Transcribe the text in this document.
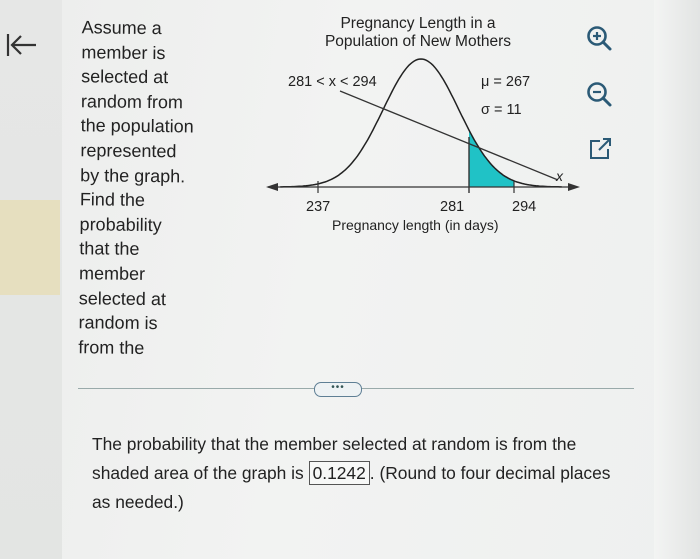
Assume a
member is
selected at
random from
the population
represented
by the graph.
Find the
probability
that the
member
selected at
random is
from the
Pregnancy Length in a
Population of New Mothers
281 < x < 294	μ = 267
σ = 11
x
237	281	294
Pregnancy length (in days)
•••
The probability that the member selected at random is from the shaded area of the graph is 0.1242 . (Round to four decimal places as needed.)
